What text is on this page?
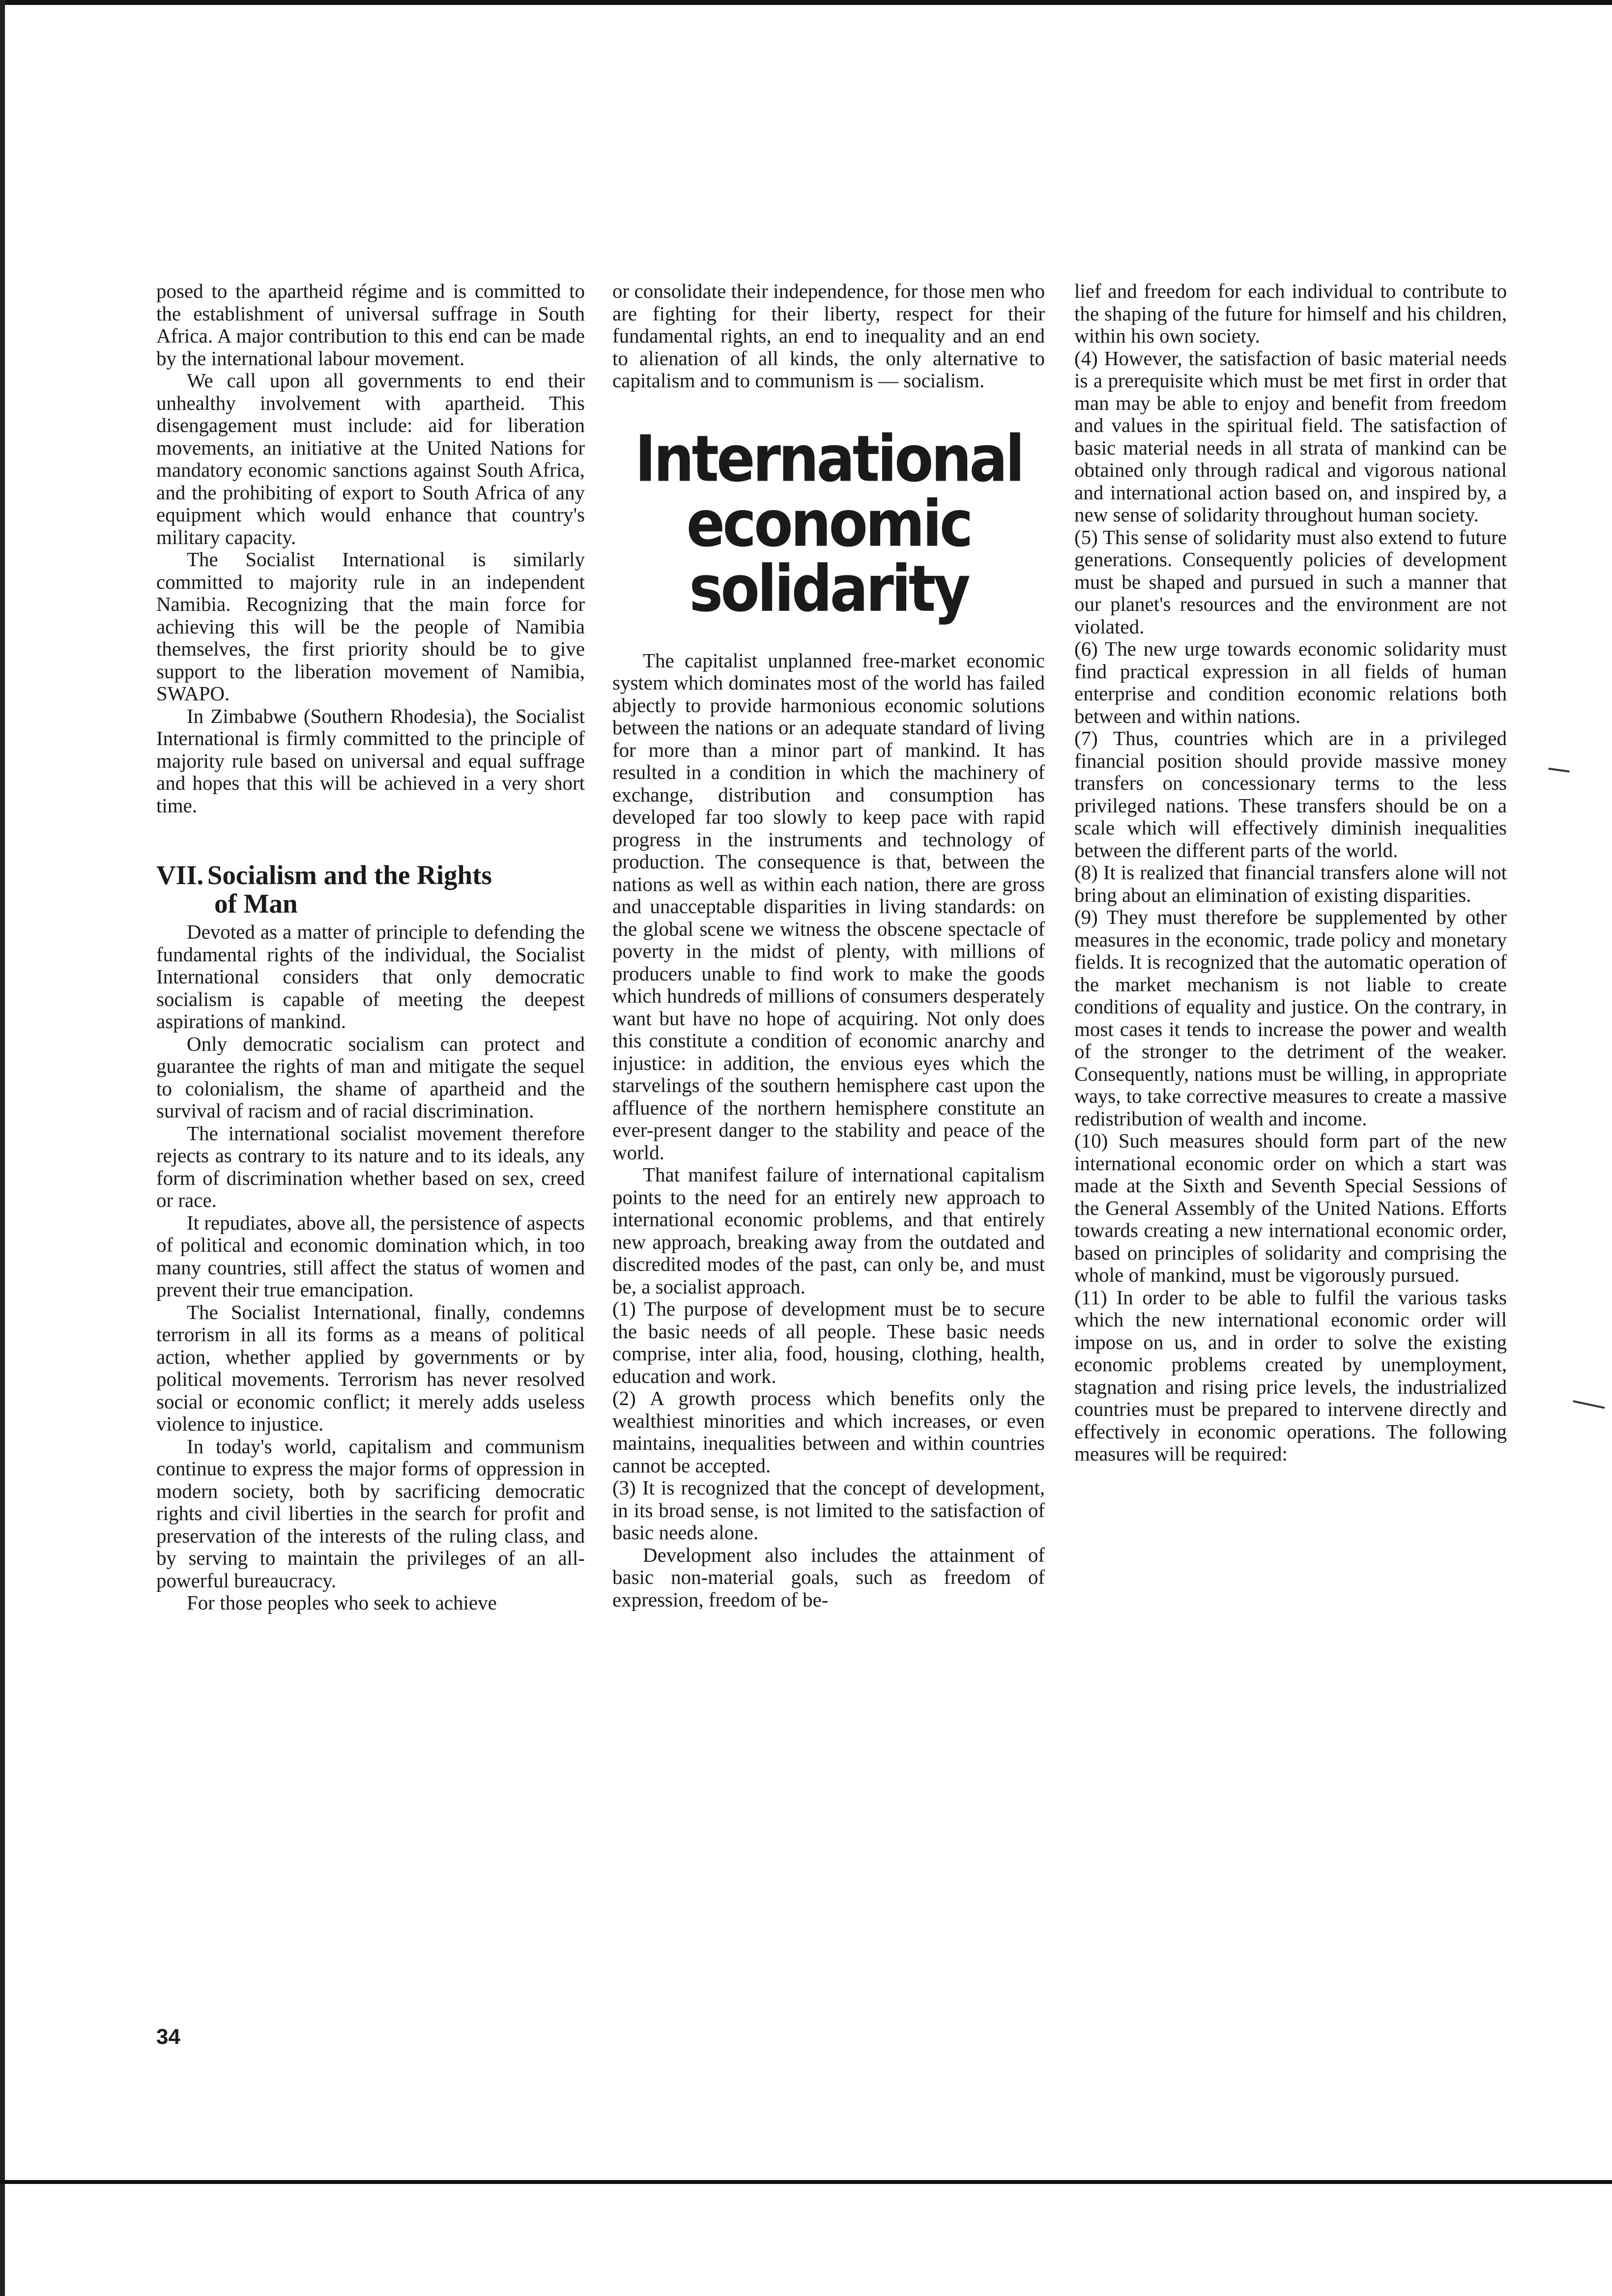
posed to the apartheid régime and is committed to the establishment of universal suffrage in South Africa. A major contribution to this end can be made by the international labour movement.

We call upon all governments to end their unhealthy involvement with apartheid. This disengagement must include: aid for liberation movements, an initiative at the United Nations for mandatory economic sanctions against South Africa, and the prohibiting of export to South Africa of any equipment which would enhance that country's military capacity.

The Socialist International is similarly committed to majority rule in an independent Namibia. Recognizing that the main force for achieving this will be the people of Namibia themselves, the first priority should be to give support to the liberation movement of Namibia, SWAPO.

In Zimbabwe (Southern Rhodesia), the Socialist International is firmly committed to the principle of majority rule based on universal and equal suffrage and hopes that this will be achieved in a very short time.

VII. Socialism and the Rights
of Man

Devoted as a matter of principle to defending the fundamental rights of the individual, the Socialist International considers that only democratic socialism is capable of meeting the deepest aspirations of mankind.

Only democratic socialism can protect and guarantee the rights of man and mitigate the sequel to colonialism, the shame of apartheid and the survival of racism and of racial discrimination.

The international socialist movement therefore rejects as contrary to its nature and to its ideals, any form of discrimination whether based on sex, creed or race.

It repudiates, above all, the persistence of aspects of political and economic domination which, in too many countries, still affect the status of women and prevent their true emancipation.

The Socialist International, finally, condemns terrorism in all its forms as a means of political action, whether applied by governments or by political movements. Terrorism has never resolved social or economic conflict; it merely adds useless violence to injustice.

In today's world, capitalism and communism continue to express the major forms of oppression in modern society, both by sacrificing democratic rights and civil liberties in the search for profit and preservation of the interests of the ruling class, and by serving to maintain the privileges of an all-powerful bureaucracy.

For those peoples who seek to achieve

or consolidate their independence, for those men who are fighting for their liberty, respect for their fundamental rights, an end to inequality and an end to alienation of all kinds, the only alternative to capitalism and to communism is — socialism.

International
economic
solidarity

The capitalist unplanned free-market economic system which dominates most of the world has failed abjectly to provide harmonious economic solutions between the nations or an adequate standard of living for more than a minor part of mankind. It has resulted in a condition in which the machinery of exchange, distribution and consumption has developed far too slowly to keep pace with rapid progress in the instruments and technology of production. The consequence is that, between the nations as well as within each nation, there are gross and unacceptable disparities in living standards: on the global scene we witness the obscene spectacle of poverty in the midst of plenty, with millions of producers unable to find work to make the goods which hundreds of millions of consumers desperately want but have no hope of acquiring. Not only does this constitute a condition of economic anarchy and injustice: in addition, the envious eyes which the starvelings of the southern hemisphere cast upon the affluence of the northern hemisphere constitute an ever-present danger to the stability and peace of the world.

That manifest failure of international capitalism points to the need for an entirely new approach to international economic problems, and that entirely new approach, breaking away from the outdated and discredited modes of the past, can only be, and must be, a socialist approach.

(1) The purpose of development must be to secure the basic needs of all people. These basic needs comprise, inter alia, food, housing, clothing, health, education and work.

(2) A growth process which benefits only the wealthiest minorities and which increases, or even maintains, inequalities between and within countries cannot be accepted.

(3) It is recognized that the concept of development, in its broad sense, is not limited to the satisfaction of basic needs alone.

Development also includes the attainment of basic non-material goals, such as freedom of expression, freedom of be-

lief and freedom for each individual to contribute to the shaping of the future for himself and his children, within his own society.

(4) However, the satisfaction of basic material needs is a prerequisite which must be met first in order that man may be able to enjoy and benefit from freedom and values in the spiritual field. The satisfaction of basic material needs in all strata of mankind can be obtained only through radical and vigorous national and international action based on, and inspired by, a new sense of solidarity throughout human society.

(5) This sense of solidarity must also extend to future generations. Consequently policies of development must be shaped and pursued in such a manner that our planet's resources and the environment are not violated.

(6) The new urge towards economic solidarity must find practical expression in all fields of human enterprise and condition economic relations both between and within nations.

(7) Thus, countries which are in a privileged financial position should provide massive money transfers on concessionary terms to the less privileged nations. These transfers should be on a scale which will effectively diminish inequalities between the different parts of the world.

(8) It is realized that financial transfers alone will not bring about an elimination of existing disparities.

(9) They must therefore be supplemented by other measures in the economic, trade policy and monetary fields. It is recognized that the automatic operation of the market mechanism is not liable to create conditions of equality and justice. On the contrary, in most cases it tends to increase the power and wealth of the stronger to the detriment of the weaker. Consequently, nations must be willing, in appropriate ways, to take corrective measures to create a massive redistribution of wealth and income.

(10) Such measures should form part of the new international economic order on which a start was made at the Sixth and Seventh Special Sessions of the General Assembly of the United Nations. Efforts towards creating a new international economic order, based on principles of solidarity and comprising the whole of mankind, must be vigorously pursued.

(11) In order to be able to fulfil the various tasks which the new international economic order will impose on us, and in order to solve the existing economic problems created by unemployment, stagnation and rising price levels, the industrialized countries must be prepared to intervene directly and effectively in economic operations. The following measures will be required:

34
